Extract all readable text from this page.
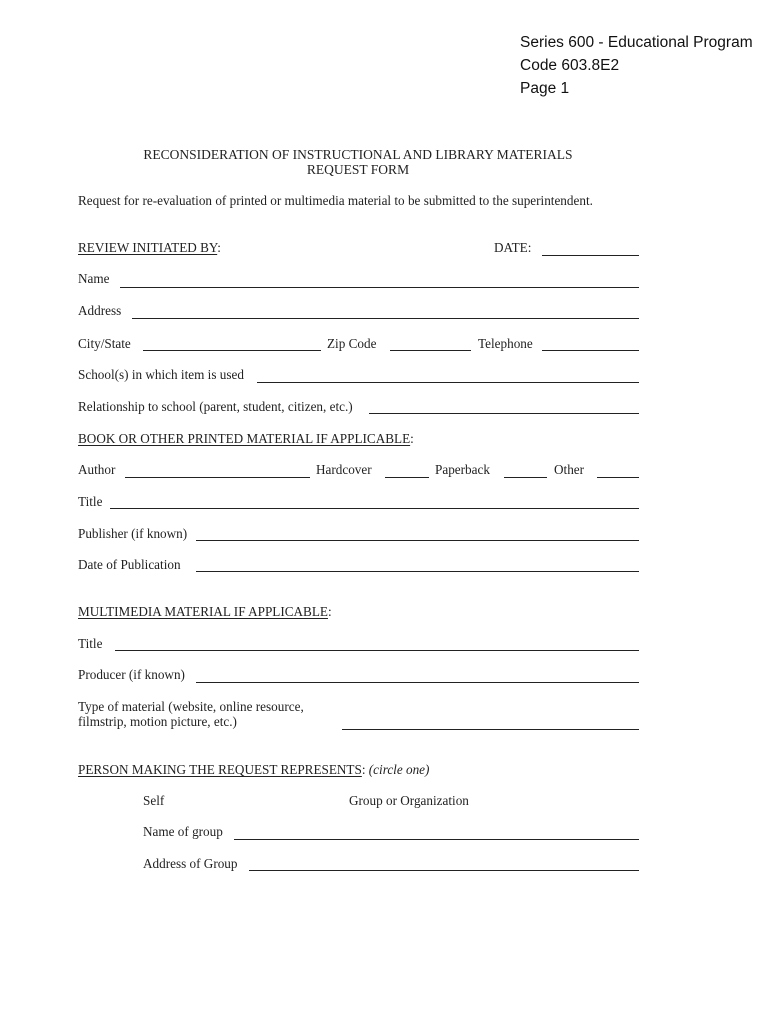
Series 600 - Educational Program
Code 603.8E2
Page 1
RECONSIDERATION OF INSTRUCTIONAL AND LIBRARY MATERIALS
REQUEST FORM
Request for re-evaluation of printed or multimedia material to be submitted to the superintendent.
REVIEW INITIATED BY:	DATE:
Name
Address
City/State	Zip Code	Telephone
School(s) in which item is used
Relationship to school (parent, student, citizen, etc.)
BOOK OR OTHER PRINTED MATERIAL IF APPLICABLE:
Author	Hardcover	Paperback	Other
Title
Publisher (if known)
Date of Publication
MULTIMEDIA MATERIAL IF APPLICABLE:
Title
Producer (if known)
Type of material (website, online resource,
filmstrip, motion picture, etc.)
PERSON MAKING THE REQUEST REPRESENTS: (circle one)
Self	Group or Organization
Name of group
Address of Group
